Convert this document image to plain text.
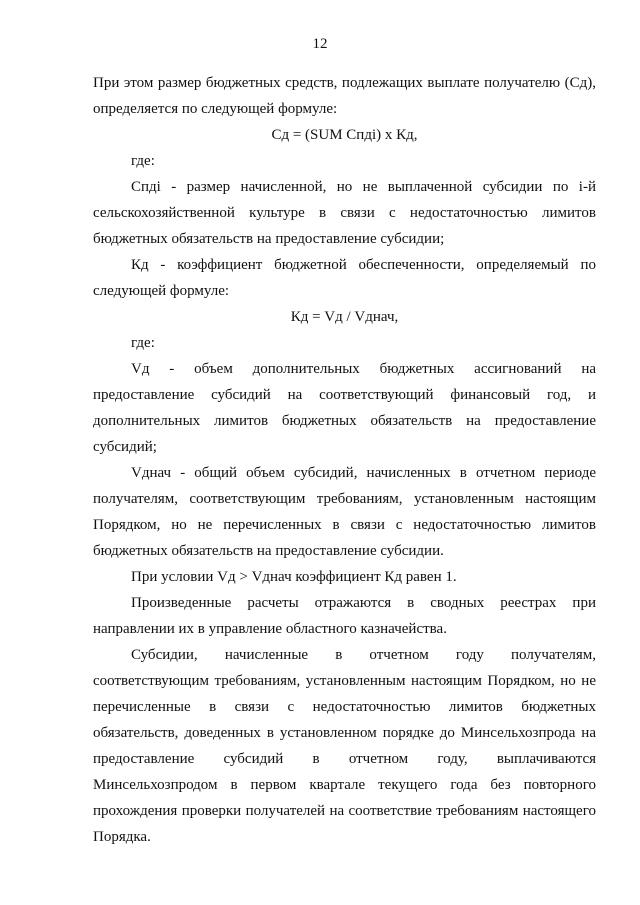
12

При этом размер бюджетных средств, подлежащих выплате получателю (Сд), определяется по следующей формуле:

Сд = (SUM Спдi) x Кд,

где:

Спдi - размер начисленной, но не выплаченной субсидии по i-й сельскохозяйственной культуре в связи с недостаточностью лимитов бюджетных обязательств на предоставление субсидии;

Кд - коэффициент бюджетной обеспеченности, определяемый по следующей формуле:

Кд = Vд / Vднач,

где:

Vд - объем дополнительных бюджетных ассигнований на предоставление субсидий на соответствующий финансовый год, и дополнительных лимитов бюджетных обязательств на предоставление субсидий;

Vднач - общий объем субсидий, начисленных в отчетном периоде получателям, соответствующим требованиям, установленным настоящим Порядком, но не перечисленных в связи с недостаточностью лимитов бюджетных обязательств на предоставление субсидии.

При условии Vд > Vднач коэффициент Кд равен 1.

Произведенные расчеты отражаются в сводных реестрах при направлении их в управление областного казначейства.

Субсидии, начисленные в отчетном году получателям, соответствующим требованиям, установленным настоящим Порядком, но не перечисленные в связи с недостаточностью лимитов бюджетных обязательств, доведенных в установленном порядке до Минсельхозпрода на предоставление субсидий в отчетном году, выплачиваются Минсельхозпродом в первом квартале текущего года без повторного прохождения проверки получателей на соответствие требованиям настоящего Порядка.
